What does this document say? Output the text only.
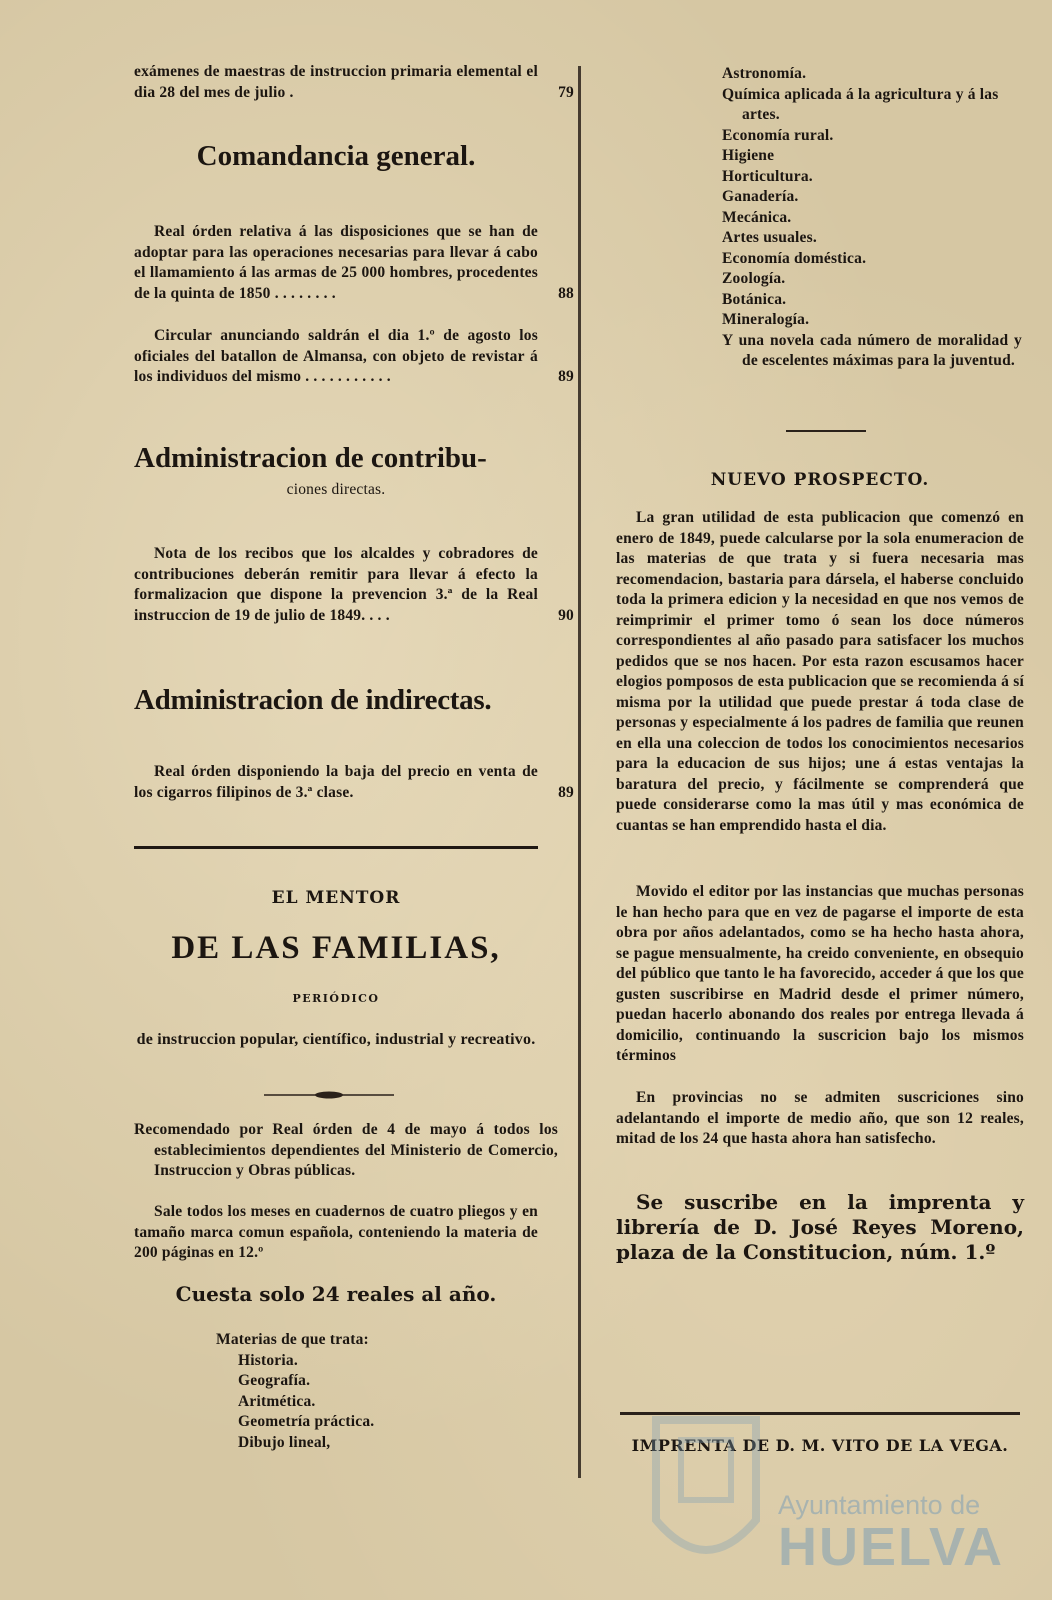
exámenes de maestras de instruccion primaria elemental el dia 28 del mes de julio .	79
Comandancia general.
Real órden relativa á las disposiciones que se han de adoptar para las operaciones necesarias para llevar á cabo el llamamiento á las armas de 25 000 hombres, procedentes de la quinta de 1850 . . . . . . . .	88
Circular anunciando saldrán el dia 1.º de agosto los oficiales del batallon de Almansa, con objeto de revistar á los individuos del mismo . . . . . . . . . . .	89
Administracion de contribu-
ciones directas.
Nota de los recibos que los alcaldes y cobradores de contribuciones deberán remitir para llevar á efecto la formalizacion que dispone la prevencion 3.ª de la Real instruccion de 19 de julio de 1849. . . .	90
Administracion de indirectas.
Real órden disponiendo la baja del precio en venta de los cigarros filipinos de 3.ª clase.	89
EL MENTOR
DE LAS FAMILIAS,
PERIÓDICO
de instruccion popular, científico, industrial y recreativo.
Recomendado por Real órden de 4 de mayo á todos los establecimientos dependientes del Ministerio de Comercio, Instruccion y Obras públicas.
Sale todos los meses en cuadernos de cuatro pliegos y en tamaño marca comun española, conteniendo la materia de 200 páginas en 12.º
Cuesta solo 24 reales al año.
Materias de que trata:
Historia.
Geografía.
Aritmética.
Geometría práctica.
Dibujo lineal,
Astronomía.
Química aplicada á la agricultura y á las artes.
Economía rural.
Higiene
Horticultura.
Ganadería.
Mecánica.
Artes usuales.
Economía doméstica.
Zoología.
Botánica.
Mineralogía.
Y una novela cada número de moralidad y de escelentes máximas para la juventud.
NUEVO PROSPECTO.
La gran utilidad de esta publicacion que comenzó en enero de 1849, puede calcularse por la sola enumeracion de las materias de que trata y si fuera necesaria mas recomendacion, bastaria para dársela, el haberse concluido toda la primera edicion y la necesidad en que nos vemos de reimprimir el primer tomo ó sean los doce números correspondientes al año pasado para satisfacer los muchos pedidos que se nos hacen. Por esta razon escusamos hacer elogios pomposos de esta publicacion que se recomienda á sí misma por la utilidad que puede prestar á toda clase de personas y especialmente á los padres de familia que reunen en ella una coleccion de todos los conocimientos necesarios para la educacion de sus hijos; une á estas ventajas la baratura del precio, y fácilmente se comprenderá que puede considerarse como la mas útil y mas económica de cuantas se han emprendido hasta el dia.
Movido el editor por las instancias que muchas personas le han hecho para que en vez de pagarse el importe de esta obra por años adelantados, como se ha hecho hasta ahora, se pague mensualmente, ha creido conveniente, en obsequio del público que tanto le ha favorecido, acceder á que los que gusten suscribirse en Madrid desde el primer número, puedan hacerlo abonando dos reales por entrega llevada á domicilio, continuando la suscricion bajo los mismos términos
En provincias no se admiten suscriciones sino adelantando el importe de medio año, que son 12 reales, mitad de los 24 que hasta ahora han satisfecho.
Se suscribe en la imprenta y librería de D. José Reyes Moreno, plaza de la Constitucion, núm. 1.º
IMPRENTA DE D. M. VITO DE LA VEGA.
Ayuntamiento de
HUELVA
